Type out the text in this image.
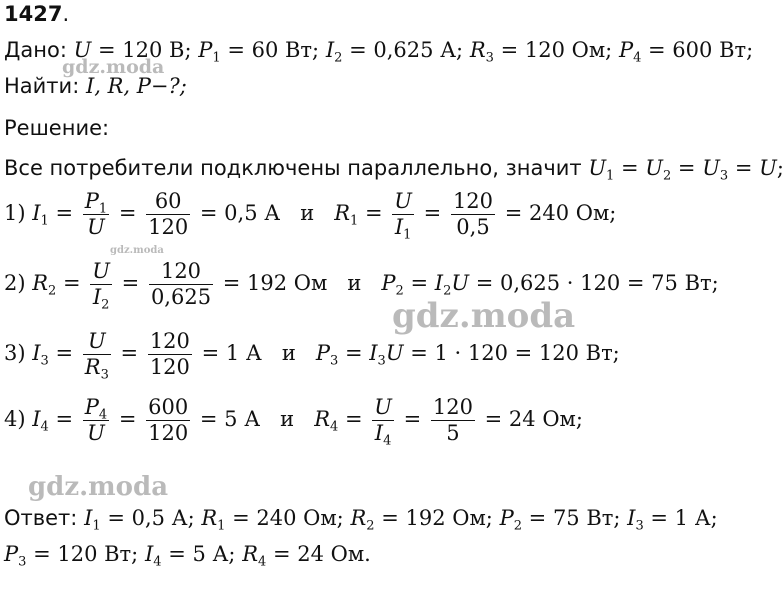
1427.
Дано: U = 120 В; $P_1 = 60$ Вт; $I_2 = 0,625$ А; $R_3 = 120$ Ом; $P_4 = 600$ Вт;
Найти: I, R, P−?;
Решение:
Все потребители подключены параллельно, значит $U_1 = U_2 = U_3 = U$;
1) $I_1 = \frac{P_1}{U} = \frac{60}{120} = 0,5$ А и $R_1 = \frac{U}{I_1} = \frac{120}{0,5} = 240$ Ом;
2) $R_2 = \frac{U}{I_2} = \frac{120}{0,625} = 192$ Ом и $P_2 = I_2U = 0,625 \cdot 120 = 75$ Вт;
3) $I_3 = \frac{U}{R_3} = \frac{120}{120} = 1$ А и $P_3 = I_3U = 1 \cdot 120 = 120$ Вт;
4) $I_4 = \frac{P_4}{U} = \frac{600}{120} = 5$ А и $R_4 = \frac{U}{I_4} = \frac{120}{5} = 24$ Ом;
Ответ: $I_1 = 0,5$ А; $R_1 = 240$ Ом; $R_2 = 192$ Ом; $P_2 = 75$ Вт; $I_3 = 1$ А;
$P_3 = 120$ Вт; $I_4 = 5$ А; $R_4 = 24$ Ом.
gdz.moda
gdz.moda
gdz.moda
gdz.moda
